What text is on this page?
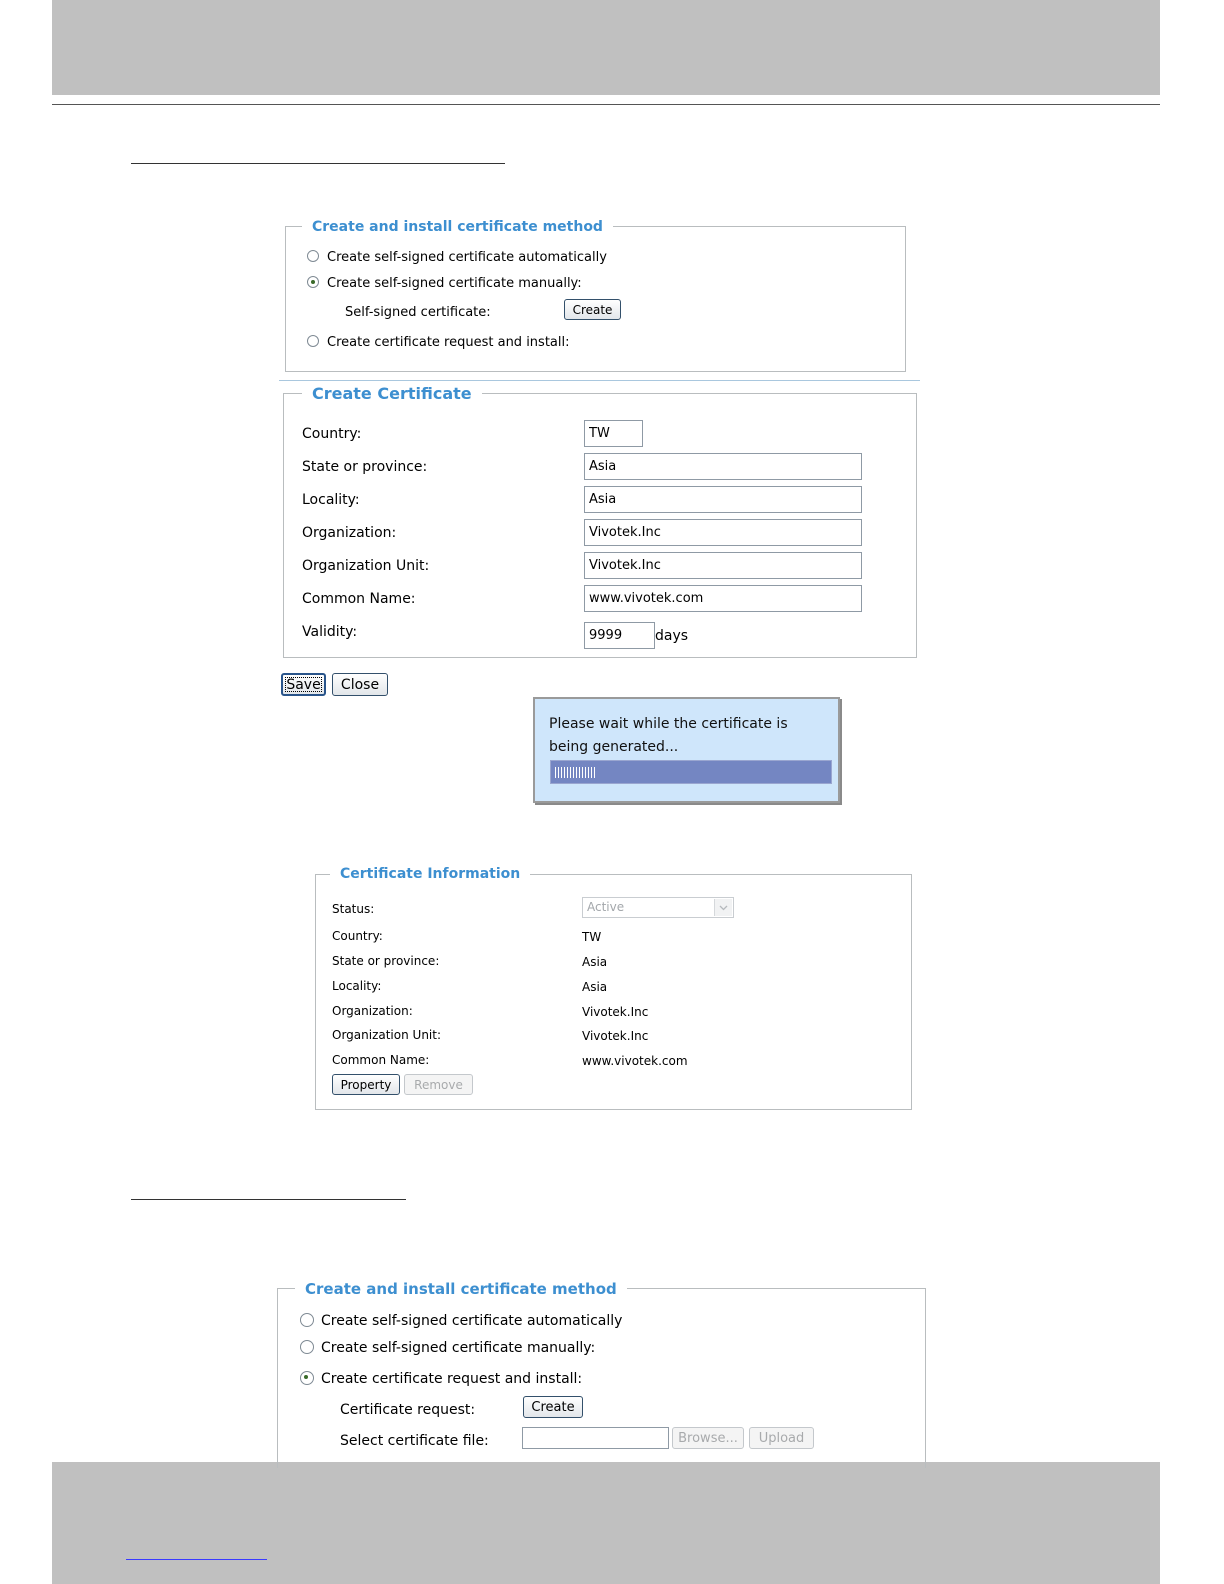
Create and install certificate method
Create self-signed certificate automatically
Create self-signed certificate manually:
Self-signed certificate:	Create
Create certificate request and install:
Create Certificate
Country:
TW
State or province:
Asia
Locality:
Asia
Organization:
Vivotek.Inc
Organization Unit:
Vivotek.Inc
Common Name:
www.vivotek.com
Validity:
9999	days
Save	Close
Please wait while the certificate is being generated...
Certificate Information
Status:	Active
Country:	TW
State or province:	Asia
Locality:	Asia
Organization:	Vivotek.Inc
Organization Unit:	Vivotek.Inc
Common Name:	www.vivotek.com
Property	Remove
Create and install certificate method
Create self-signed certificate automatically
Create self-signed certificate manually:
Create certificate request and install:
Certificate request:	Create
Select certificate file:	Browse...	Upload
